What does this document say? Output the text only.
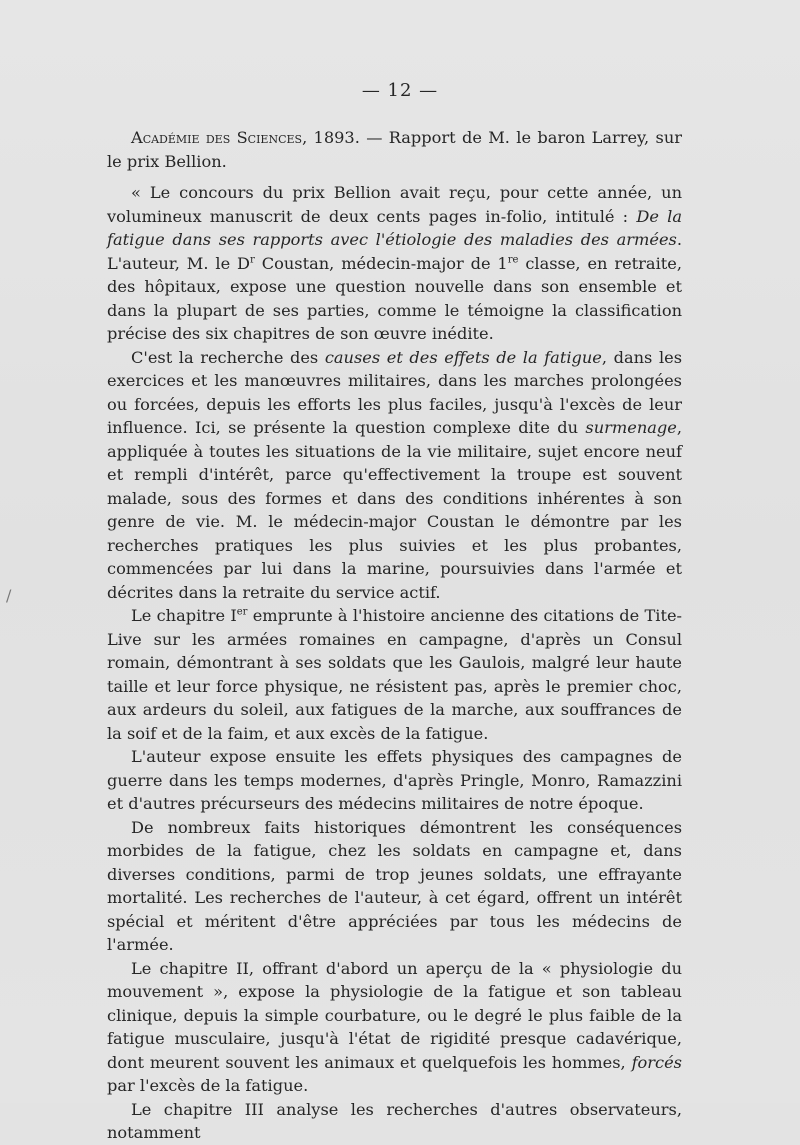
— 12 —
/

Académie des Sciences, 1893. — Rapport de M. le baron Larrey, sur le prix Bellion.

« Le concours du prix Bellion avait reçu, pour cette année, un volumineux manuscrit de deux cents pages in-folio, intitulé : De la fatigue dans ses rapports avec l'étiologie des maladies des armées. L'auteur, M. le $D^r$ Coustan, médecin-major de 1re classe, en retraite, des hôpitaux, expose une question nouvelle dans son ensemble et dans la plupart de ses parties, comme le témoigne la classification précise des six chapitres de son œuvre inédite.

C'est la recherche des causes et des effets de la fatigue, dans les exercices et les manœuvres militaires, dans les marches prolongées ou forcées, depuis les efforts les plus faciles, jusqu'à l'excès de leur influence. Ici, se présente la question complexe dite du surmenage, appliquée à toutes les situations de la vie militaire, sujet encore neuf et rempli d'intérêt, parce qu'effectivement la troupe est souvent malade, sous des formes et dans des conditions inhérentes à son genre de vie. M. le médecin-major Coustan le démontre par les recherches pratiques les plus suivies et les plus probantes, commencées par lui dans la marine, poursuivies dans l'armée et décrites dans la retraite du service actif.

Le chapitre Ier emprunte à l'histoire ancienne des citations de Tite-Live sur les armées romaines en campagne, d'après un Consul romain, démontrant à ses soldats que les Gaulois, malgré leur haute taille et leur force physique, ne résistent pas, après le premier choc, aux ardeurs du soleil, aux fatigues de la marche, aux souffrances de la soif et de la faim, et aux excès de la fatigue.

L'auteur expose ensuite les effets physiques des campagnes de guerre dans les temps modernes, d'après Pringle, Monro, Ramazzini et d'autres précurseurs des médecins militaires de notre époque.

De nombreux faits historiques démontrent les conséquences morbides de la fatigue, chez les soldats en campagne et, dans diverses conditions, parmi de trop jeunes soldats, une effrayante mortalité. Les recherches de l'auteur, à cet égard, offrent un intérêt spécial et méritent d'être appréciées par tous les médecins de l'armée.

Le chapitre II, offrant d'abord un aperçu de la « physiologie du mouvement », expose la physiologie de la fatigue et son tableau clinique, depuis la simple courbature, ou le degré le plus faible de la fatigue musculaire, jusqu'à l'état de rigidité presque cadavérique, dont meurent souvent les animaux et quelquefois les hommes, forcés par l'excès de la fatigue.

Le chapitre III analyse les recherches d'autres observateurs, notamment
